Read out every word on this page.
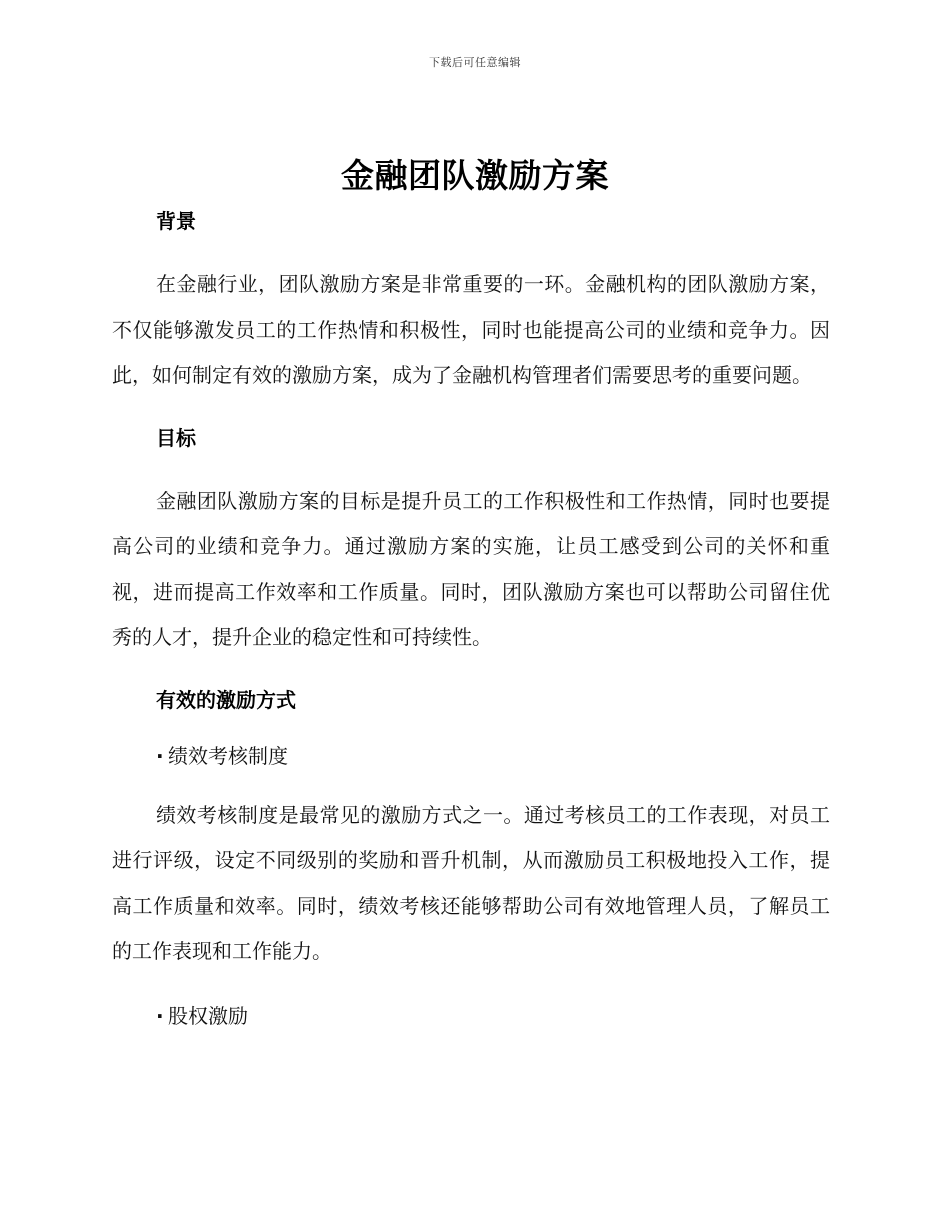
下载后可任意编辑
金融团队激励方案
背景

在金融行业，团队激励方案是非常重要的一环。金融机构的团队激励方案，不仅能够激发员工的工作热情和积极性，同时也能提高公司的业绩和竞争力。因此，如何制定有效的激励方案，成为了金融机构管理者们需要思考的重要问题。

目标

金融团队激励方案的目标是提升员工的工作积极性和工作热情，同时也要提高公司的业绩和竞争力。通过激励方案的实施，让员工感受到公司的关怀和重视，进而提高工作效率和工作质量。同时，团队激励方案也可以帮助公司留住优秀的人才，提升企业的稳定性和可持续性。

有效的激励方式
· 绩效考核制度

绩效考核制度是最常见的激励方式之一。通过考核员工的工作表现，对员工进行评级，设定不同级别的奖励和晋升机制，从而激励员工积极地投入工作，提高工作质量和效率。同时，绩效考核还能够帮助公司有效地管理人员，了解员工的工作表现和工作能力。

· 股权激励
